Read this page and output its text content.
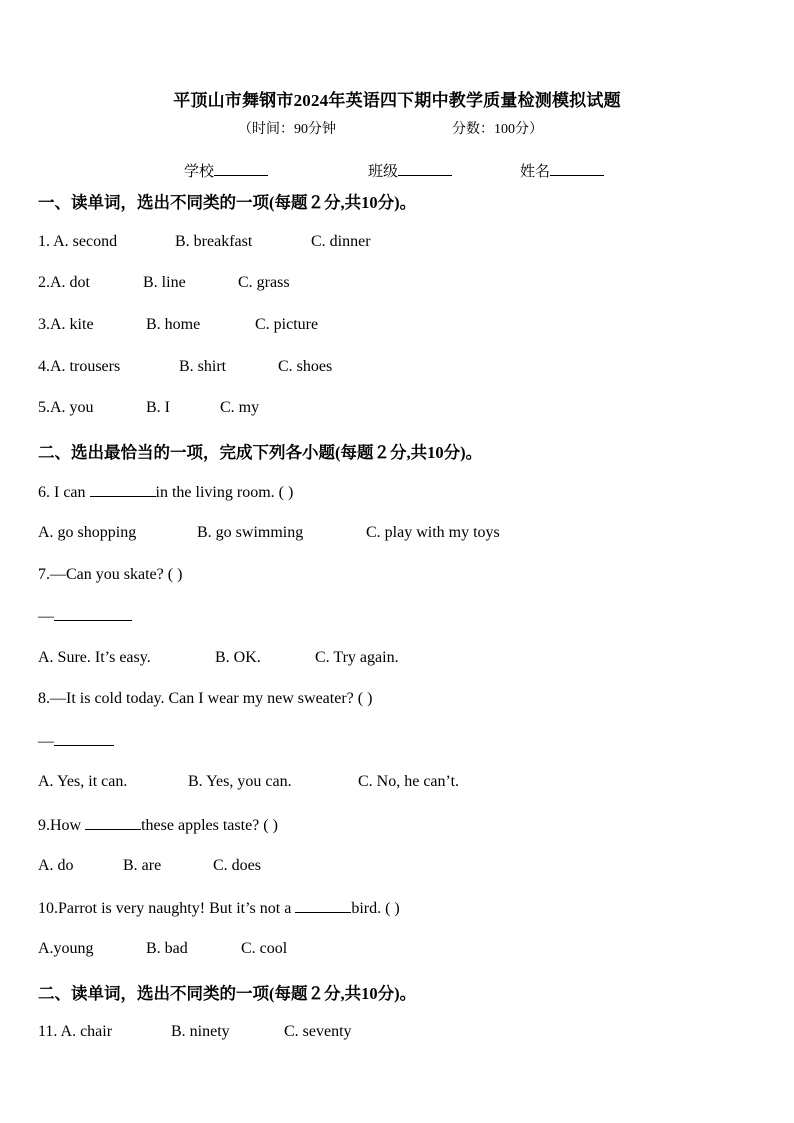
平顶山市舞钢市2024年英语四下期中教学质量检测模拟试题
（时间：90分钟	分数：100分）
学校	班级	姓名
一、读单词，选出不同类的一项(每题２分,共10分)。
1. A. second	B. breakfast	C. dinner
2.A. dot	B. line	C. grass
3.A. kite	B. home	C. picture
4.A. trousers	B. shirt	C. shoes
5.A. you	B. I	C. my
二、选出最恰当的一项，完成下列各小题(每题２分,共10分)。
6. I can	in the living room. ( )
A. go shopping	B. go swimming	C. play with my toys
7.—Can you skate? ( )
—
A. Sure. It’s easy.	B. OK.	C. Try again.
8.—It is cold today. Can I wear my new sweater? ( )
—
A. Yes, it can.	B. Yes, you can.	C. No, he can’t.
9.How	these apples taste? ( )
A. do	B. are	C. does
10.Parrot is very naughty! But it’s not a	bird. ( )
A.young	B. bad	C. cool
二、读单词，选出不同类的一项(每题２分,共10分)。
11. A. chair	B. ninety	C. seventy
